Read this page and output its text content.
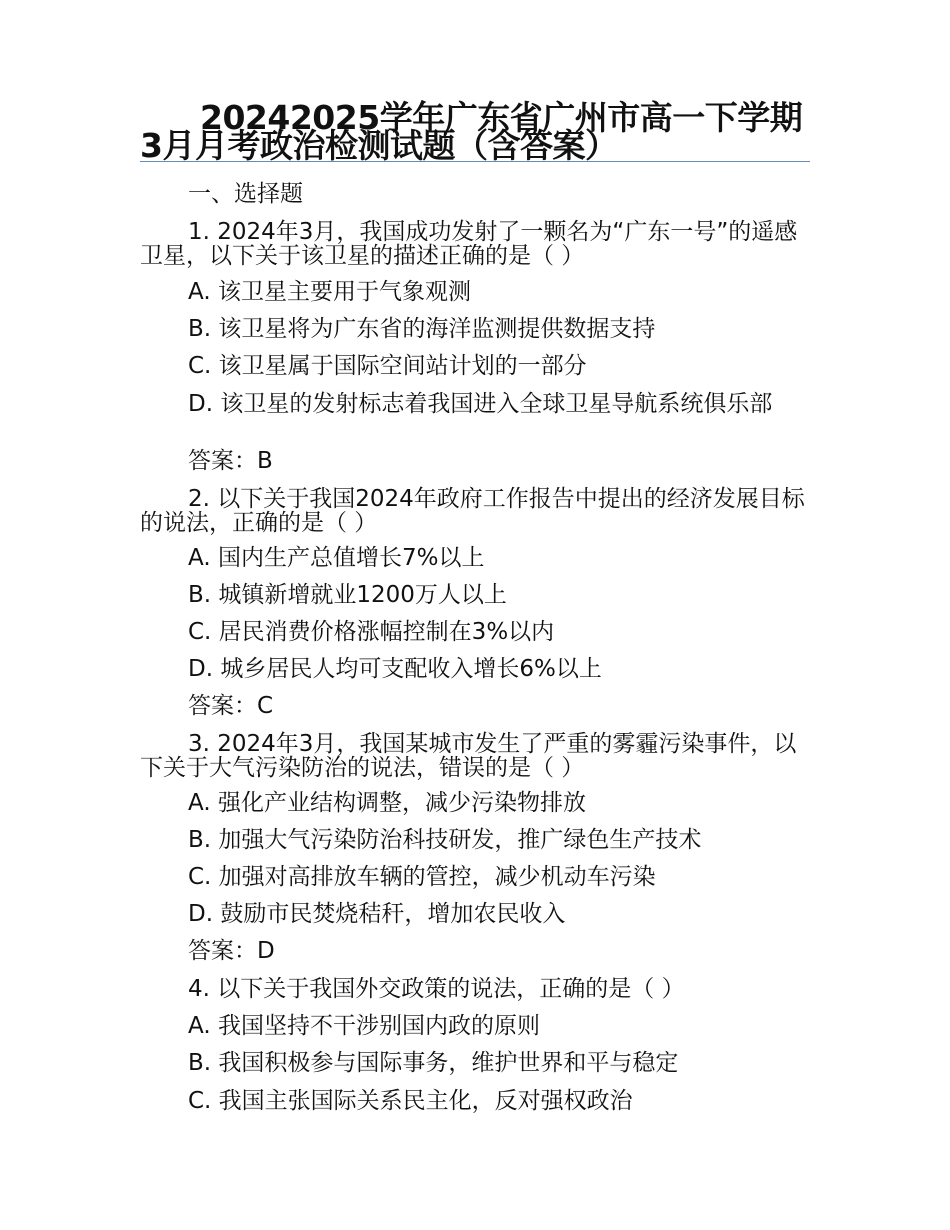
20242025学年广东省广州市高一下学期3月月考政治检测试题（含答案）
一、选择题
1. 2024年3月，我国成功发射了一颗名为“广东一号”的遥感卫星，以下关于该卫星的描述正确的是（ ）
A. 该卫星主要用于气象观测
B. 该卫星将为广东省的海洋监测提供数据支持
C. 该卫星属于国际空间站计划的一部分
D. 该卫星的发射标志着我国进入全球卫星导航系统俱乐部
答案：B
2. 以下关于我国2024年政府工作报告中提出的经济发展目标的说法，正确的是（ ）
A. 国内生产总值增长7%以上
B. 城镇新增就业1200万人以上
C. 居民消费价格涨幅控制在3%以内
D. 城乡居民人均可支配收入增长6%以上
答案：C
3. 2024年3月，我国某城市发生了严重的雾霾污染事件，以下关于大气污染防治的说法，错误的是（ ）
A. 强化产业结构调整，减少污染物排放
B. 加强大气污染防治科技研发，推广绿色生产技术
C. 加强对高排放车辆的管控，减少机动车污染
D. 鼓励市民焚烧秸秆，增加农民收入
答案：D
4. 以下关于我国外交政策的说法，正确的是（ ）
A. 我国坚持不干涉别国内政的原则
B. 我国积极参与国际事务，维护世界和平与稳定
C. 我国主张国际关系民主化，反对强权政治
